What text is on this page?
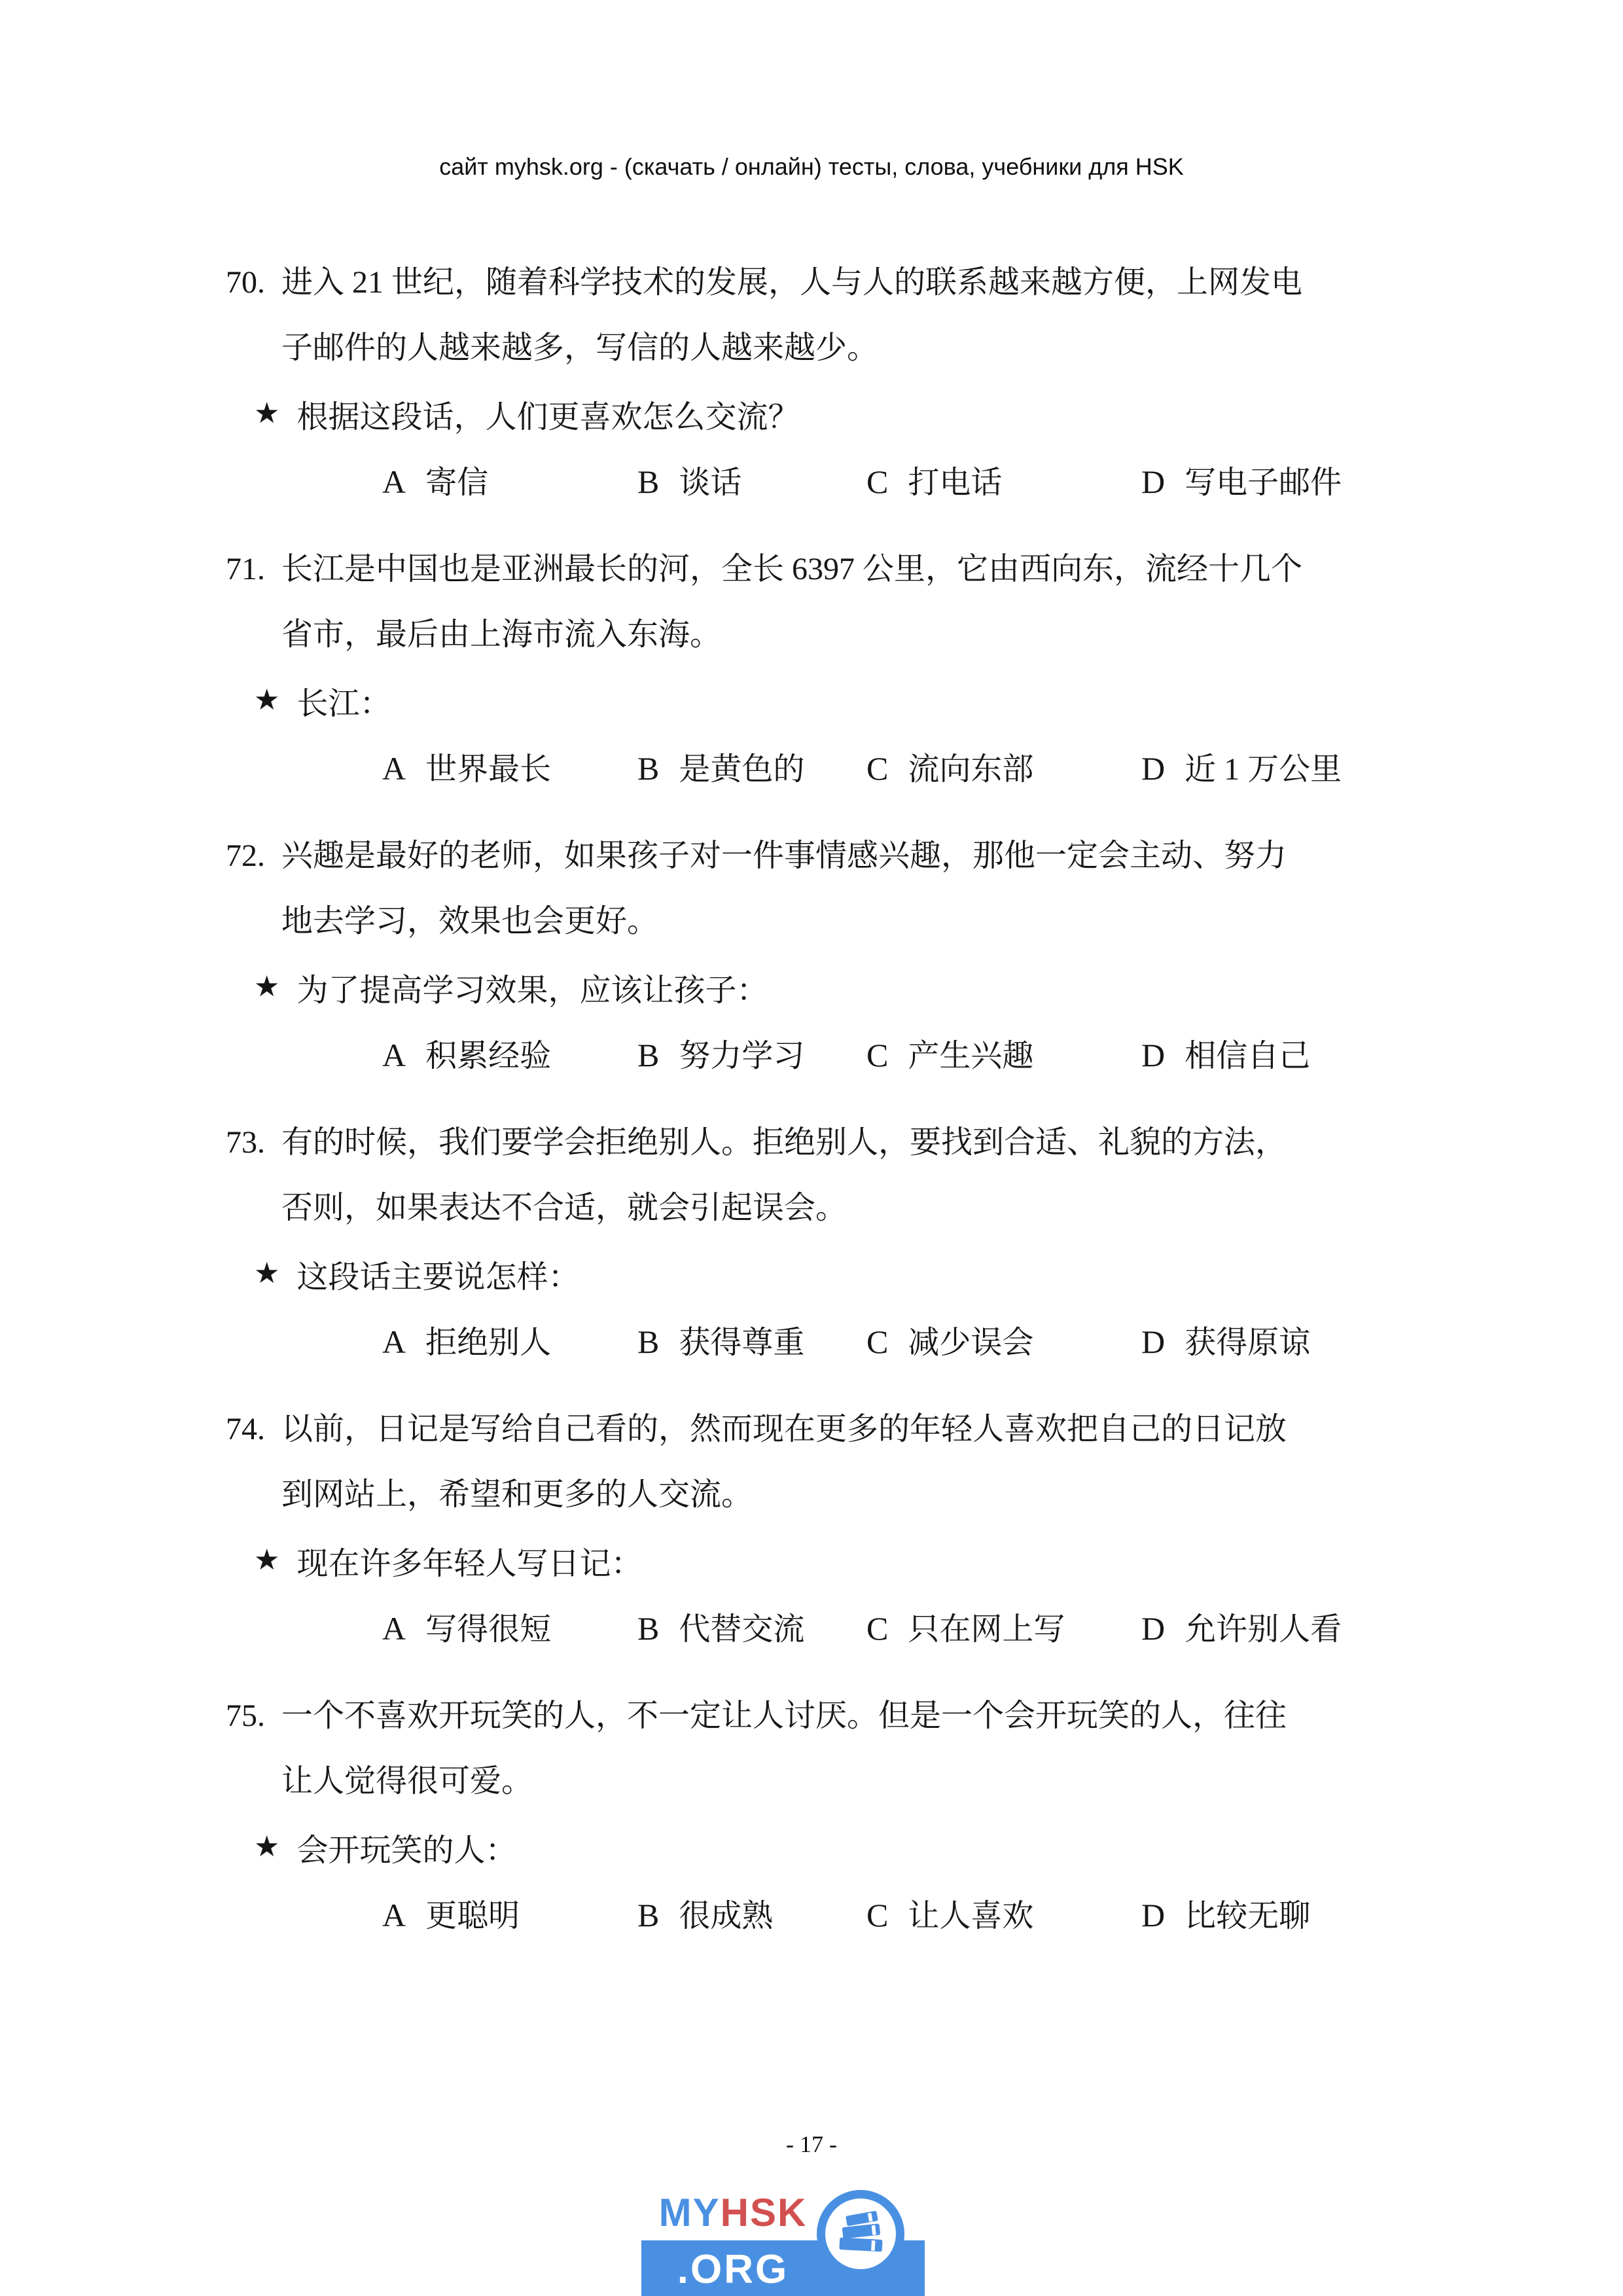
сайт myhsk.org - (скачать / онлайн) тесты, слова, учебники для HSK
70. 进入 21 世纪，随着科学技术的发展，人与人的联系越来越方便，上网发电
子邮件的人越来越多，写信的人越来越少。
★ 根据这段话，人们更喜欢怎么交流？
A 寄信	B 谈话	C 打电话	D 写电子邮件
71. 长江是中国也是亚洲最长的河，全长 6397 公里，它由西向东，流经十几个
省市，最后由上海市流入东海。
★ 长江：
A 世界最长	B 是黄色的	C 流向东部	D 近 1 万公里
72. 兴趣是最好的老师，如果孩子对一件事情感兴趣，那他一定会主动、努力
地去学习，效果也会更好。
★ 为了提高学习效果，应该让孩子：
A 积累经验	B 努力学习	C 产生兴趣	D 相信自己
73. 有的时候，我们要学会拒绝别人。拒绝别人，要找到合适、礼貌的方法，
否则，如果表达不合适，就会引起误会。
★ 这段话主要说怎样：
A 拒绝别人	B 获得尊重	C 减少误会	D 获得原谅
74. 以前，日记是写给自己看的，然而现在更多的年轻人喜欢把自己的日记放
到网站上，希望和更多的人交流。
★ 现在许多年轻人写日记：
A 写得很短	B 代替交流	C 只在网上写	D 允许别人看
75. 一个不喜欢开玩笑的人，不一定让人讨厌。但是一个会开玩笑的人，往往
让人觉得很可爱。
★ 会开玩笑的人：
A 更聪明	B 很成熟	C 让人喜欢	D 比较无聊
- 17 -
MY HSK
.ORG
